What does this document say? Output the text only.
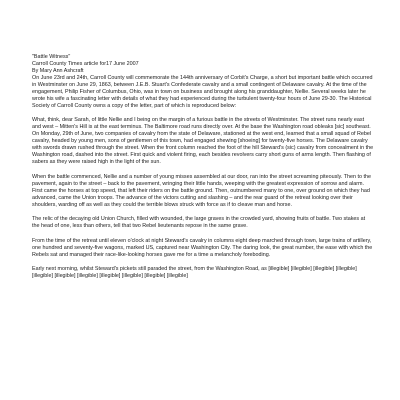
"Battle Witness"
Carroll County Times article for17 June 2007
By Mary Ann Ashcraft

On June 23rd and 24th, Carroll County will commemorate the 144th anniversary of Corbit's Charge, a short but important battle which occurred in Westminster on June 29, 1863, between J.E.B. Stuart's Confederate cavalry and a small contingent of Delaware cavalry. At the time of the engagement, Philip Fisher of Columbus, Ohio, was in town on business and brought along his granddaughter, Nellie. Several weeks later he wrote his wife a fascinating letter with details of what they had experienced during the turbulent twenty-four hours of June 29-30. The Historical Society of Carroll County owns a copy of the letter, part of which is reproduced below:

What, think, dear Sarah, of little Nellie and I being on the margin of a furious battle in the streets of Westminster. The street runs nearly east and west – Mitten's Hill is at the east terminus. The Baltimore road runs directly over. At the base the Washington road obleaks [sic] southeast. On Monday, 29th of June, two companies of cavalry from the state of Delaware, stationed at the west end, learned that a small squad of Rebel cavalry, headed by young men, sons of gentlemen of this town, had engaged shewing [shoeing] for twenty-five horses. The Delaware cavalry with swords drawn rushed through the street. When the front column reached the foot of the hill Steward's (sic) cavalry from concealment in the Washington road, dashed into the street. First quick and violent firing, each besides revolvers carry short guns of arms length. Then flashing of sabers as they were raised high in the light of the sun.

When the battle commenced, Nellie and a number of young misses assembled at our door, ran into the street screaming piteously. Then to the pavement, again to the street – back to the pavement, wringing their little hands, weeping with the greatest expression of sorrow and alarm. First came the horses at top speed, that left their riders on the battle ground. Then, outnumbered many to one, over ground on which they had advanced, came the Union troops. The advance of the victors cutting and slashing – and the rear guard of the retreat looking over their shoulders, warding off as well as they could the terrible blows struck with force as if to cleave man and horse.

The relic of the decaying old Union Church, filled with wounded, the large graves in the crowded yard, showing fruits of battle. Two stakes at the head of one, less than others, tell that two Rebel lieutenants repose in the same grave.

From the time of the retreat until eleven o'clock at night Steward's cavalry in columns eight deep marched through town, large trains of artillery, one hundred and seventy-five wagons, marked US, captured near Washington City. The daring look, the great number, the ease with which the Rebels sat and managed their race-like-looking horses gave me for a time a melancholy foreboding.

Early next morning, whilst Steward's pickets still paraded the street, from the Washington Road, as [illegible] [illegible] [illegible] [illegible] [illegible] [illegible] [illegible] [illegible] [illegible] [illegible] [illegible]
